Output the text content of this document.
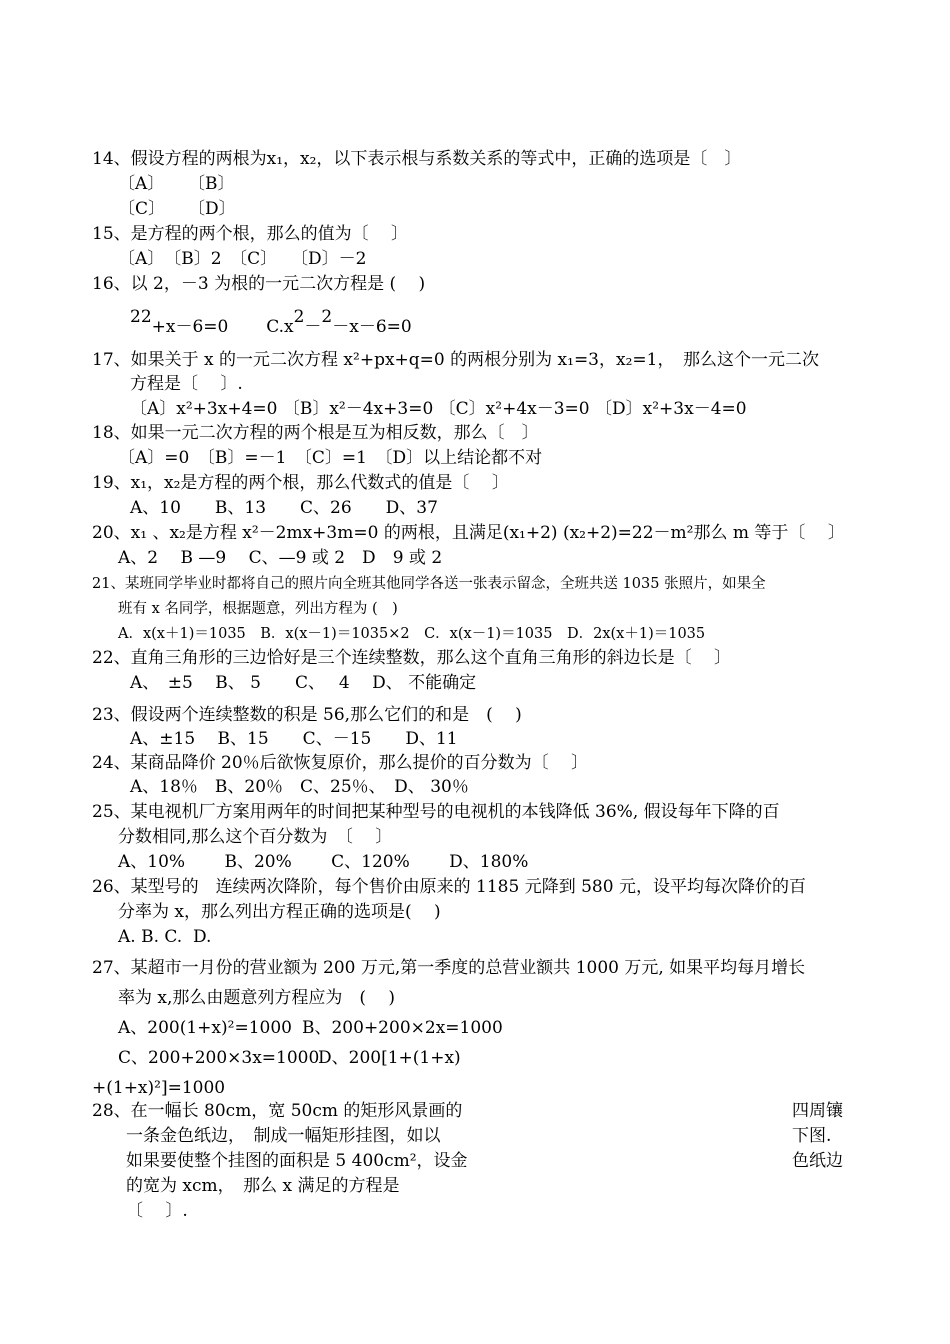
14、假设方程的两根为x₁，x₂，以下表示根与系数关系的等式中，正确的选项是〔　〕
〔A〕 〔B〕
〔C〕 〔D〕
15、是方程的两个根，那么的值为〔　 〕
〔A〕　〔B〕2　〔C〕　 〔D〕－2
16、以 2，－3 为根的一元二次方程是 (　 )
22+x－6=0 C.x2－2－x－6=0
17、如果关于 x 的一元二次方程 x²+px+q=0 的两根分别为 x₁=3，x₂=1，　那么这个一元二次
方程是〔　 〕.
〔A〕x²+3x+4=0 〔B〕x²－4x+3=0 〔C〕x²+4x－3=0 〔D〕x²+3x－4=0
18、如果一元二次方程的两个根是互为相反数，那么〔　〕
〔A〕=0　〔B〕=－1　〔C〕=1　〔D〕以上结论都不对
19、x₁，x₂是方程的两个根，那么代数式的值是〔　 〕
A、10　　B、13　　C、26　　D、37
20、x₁ 、x₂是方程 x²－2mx+3m=0 的两根，且满足(x₁+2) (x₂+2)=22－m²那么 m 等于〔　 〕
A、2　 B —9　 C、—9 或 2　D　9 或 2
21、某班同学毕业时都将自己的照片向全班其他同学各送一张表示留念，全班共送 1035 张照片，如果全
班有 x 名同学，根据题意，列出方程为 (　)
A．x(x＋1)＝1035　B．x(x－1)＝1035×2　C．x(x－1)＝1035　D．2x(x＋1)＝1035
22、直角三角形的三边恰好是三个连续整数，那么这个直角三角形的斜边长是〔　 〕
A、　±5　 B、 5　　C、　 4　 D、 不能确定
23、假设两个连续整数的积是 56,那么它们的和是　(　 )
A、±15　 B、15　　C、－15　　D、11
24、某商品降价 20％后欲恢复原价，那么提价的百分数为〔　 〕
A、18％　B、20％　C、25％、　D、 30％
25、某电视机厂方案用两年的时间把某种型号的电视机的本钱降低 36%, 假设每年下降的百
分数相同,那么这个百分数为　〔　 〕
A、10%　　 B、20%　　 C、120%　　 D、180%
26、某型号的　连续两次降阶，每个售价由原来的 1185 元降到 580 元，设平均每次降价的百
分率为 x，那么列出方程正确的选项是(　 )
A. B. C.  D.
27、某超市一月份的营业额为 200 万元,第一季度的总营业额共 1000 万元, 如果平均每月增长
率为 x,那么由题意列方程应为　(　 )
A、200(1+x)²=1000 B、200+200×2x=1000
C、200+200×3x=1000
D、200[1+(1+x)
+(1+x)²]=1000
28、在一幅长 80cm，宽 50cm 的矩形风景画的	四周镶
一条金色纸边，　制成一幅矩形挂图，如以	下图.
如果要使整个挂图的面积是 5 400cm²，设金	色纸边
的宽为 xcm，　那么 x 满足的方程是
〔　 〕.
